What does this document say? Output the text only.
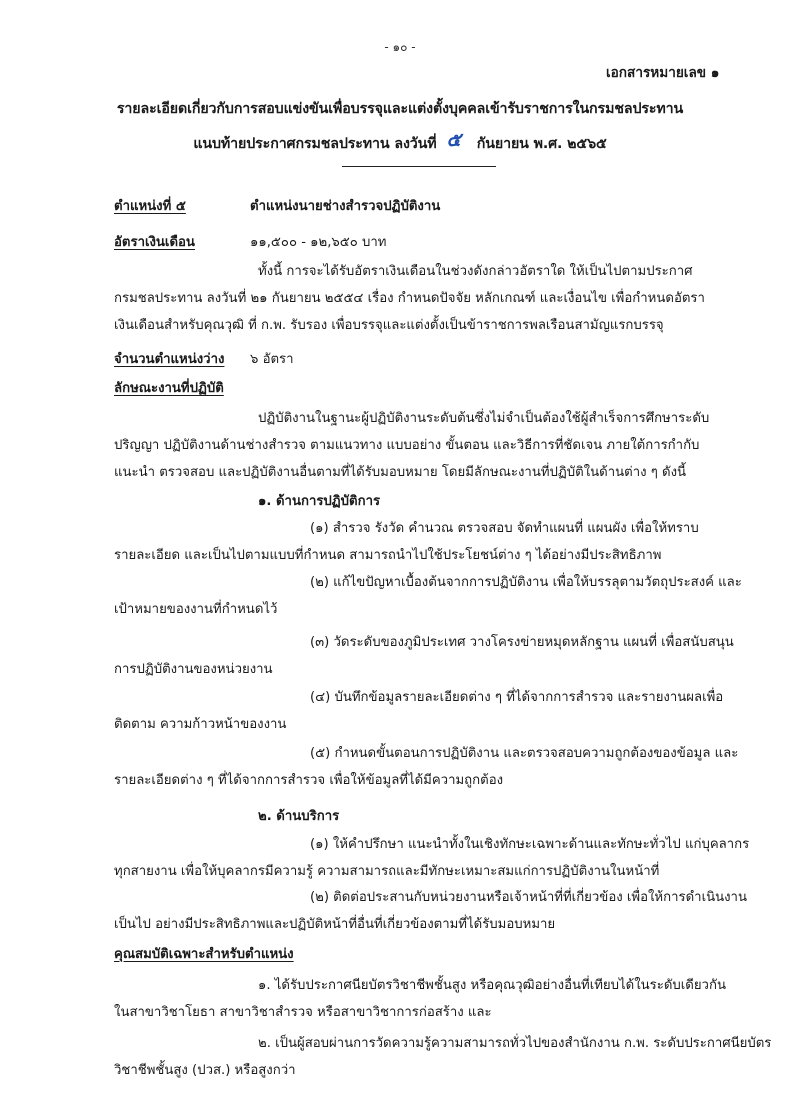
- ๑๐ -
เอกสารหมายเลข ๑
รายละเอียดเกี่ยวกับการสอบแข่งขันเพื่อบรรจุและแต่งตั้งบุคคลเข้ารับราชการในกรมชลประทาน
แนบท้ายประกาศกรมชลประทาน ลงวันที่ ๕ กันยายน พ.ศ. ๒๕๖๕
ตำแหน่งที่ ๕	ตำแหน่งนายช่างสำรวจปฏิบัติงาน
อัตราเงินเดือน	๑๑,๕๐๐ - ๑๒,๖๕๐ บาท
ทั้งนี้ การจะได้รับอัตราเงินเดือนในช่วงดังกล่าวอัตราใด ให้เป็นไปตามประกาศ
กรมชลประทาน ลงวันที่ ๒๑ กันยายน ๒๕๕๔ เรื่อง กำหนดปัจจัย หลักเกณฑ์ และเงื่อนไข เพื่อกำหนดอัตรา
เงินเดือนสำหรับคุณวุฒิ ที่ ก.พ. รับรอง เพื่อบรรจุและแต่งตั้งเป็นข้าราชการพลเรือนสามัญแรกบรรจุ
จำนวนตำแหน่งว่าง ๖ อัตรา
ลักษณะงานที่ปฏิบัติ
ปฏิบัติงานในฐานะผู้ปฏิบัติงานระดับต้นซึ่งไม่จำเป็นต้องใช้ผู้สำเร็จการศึกษาระดับ
ปริญญา ปฏิบัติงานด้านช่างสำรวจ ตามแนวทาง แบบอย่าง ขั้นตอน และวิธีการที่ชัดเจน ภายใต้การกำกับ
แนะนำ ตรวจสอบ และปฏิบัติงานอื่นตามที่ได้รับมอบหมาย โดยมีลักษณะงานที่ปฏิบัติในด้านต่าง ๆ ดังนี้
๑. ด้านการปฏิบัติการ
(๑) สำรวจ รังวัด คำนวณ ตรวจสอบ จัดทำแผนที่ แผนผัง เพื่อให้ทราบ
รายละเอียด และเป็นไปตามแบบที่กำหนด สามารถนำไปใช้ประโยชน์ต่าง ๆ ได้อย่างมีประสิทธิภาพ
(๒) แก้ไขปัญหาเบื้องต้นจากการปฏิบัติงาน เพื่อให้บรรลุตามวัตถุประสงค์ และ
เป้าหมายของงานที่กำหนดไว้
(๓) วัดระดับของภูมิประเทศ วางโครงข่ายหมุดหลักฐาน แผนที่ เพื่อสนับสนุน
การปฏิบัติงานของหน่วยงาน
(๔) บันทึกข้อมูลรายละเอียดต่าง ๆ ที่ได้จากการสำรวจ และรายงานผลเพื่อ
ติดตาม ความก้าวหน้าของงาน
(๕) กำหนดขั้นตอนการปฏิบัติงาน และตรวจสอบความถูกต้องของข้อมูล และ
รายละเอียดต่าง ๆ ที่ได้จากการสำรวจ เพื่อให้ข้อมูลที่ได้มีความถูกต้อง
๒. ด้านบริการ
(๑) ให้คำปรึกษา แนะนำทั้งในเชิงทักษะเฉพาะด้านและทักษะทั่วไป แก่บุคลากร
ทุกสายงาน เพื่อให้บุคลากรมีความรู้ ความสามารถและมีทักษะเหมาะสมแก่การปฏิบัติงานในหน้าที่
(๒) ติดต่อประสานกับหน่วยงานหรือเจ้าหน้าที่ที่เกี่ยวข้อง เพื่อให้การดำเนินงาน
เป็นไป อย่างมีประสิทธิภาพและปฏิบัติหน้าที่อื่นที่เกี่ยวข้องตามที่ได้รับมอบหมาย
คุณสมบัติเฉพาะสำหรับตำแหน่ง
๑. ได้รับประกาศนียบัตรวิชาชีพชั้นสูง หรือคุณวุฒิอย่างอื่นที่เทียบได้ในระดับเดียวกัน
ในสาขาวิชาโยธา สาขาวิชาสำรวจ หรือสาขาวิชาการก่อสร้าง และ
๒. เป็นผู้สอบผ่านการวัดความรู้ความสามารถทั่วไปของสำนักงาน ก.พ. ระดับประกาศนียบัตร
วิชาชีพชั้นสูง (ปวส.) หรือสูงกว่า
